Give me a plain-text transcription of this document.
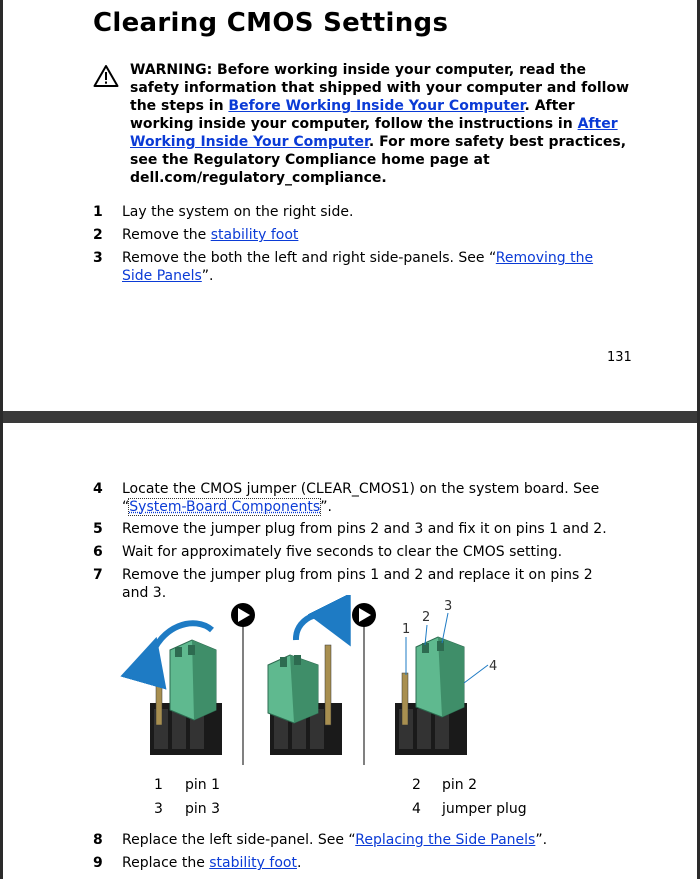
Clearing CMOS Settings
WARNING: Before working inside your computer, read the safety information that shipped with your computer and follow the steps in Before Working Inside Your Computer. After working inside your computer, follow the instructions in After Working Inside Your Computer. For more safety best practices, see the Regulatory Compliance home page at dell.com/regulatory_compliance.
1 Lay the system on the right side.
2 Remove the stability foot
3 Remove the both the left and right side-panels. See “Removing the Side Panels”.
131
4 Locate the CMOS jumper (CLEAR_CMOS1) on the system board. See “System-Board Components”.
5 Remove the jumper plug from pins 2 and 3 and fix it on pins 1 and 2.
6 Wait for approximately five seconds to clear the CMOS setting.
7 Remove the jumper plug from pins 1 and 2 and replace it on pins 2 and 3.
1
2
3
4
1 pin 1	2 pin 2
3 pin 3	4 jumper plug
8 Replace the left side-panel. See “Replacing the Side Panels”.
9 Replace the stability foot.
